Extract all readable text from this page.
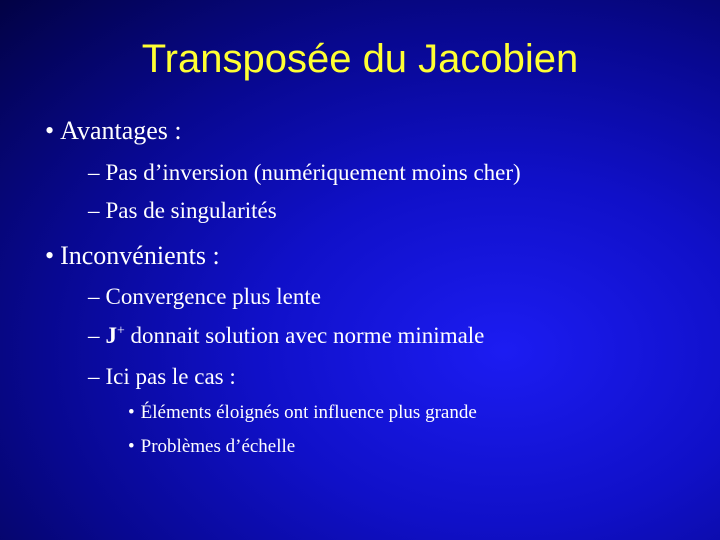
Transposée du Jacobien

• Avantages :

– Pas d’inversion (numériquement moins cher)

– Pas de singularités

• Inconvénients :

– Convergence plus lente

– J+ donnait solution avec norme minimale

– Ici pas le cas :

• Éléments éloignés ont influence plus grande

• Problèmes d’échelle
